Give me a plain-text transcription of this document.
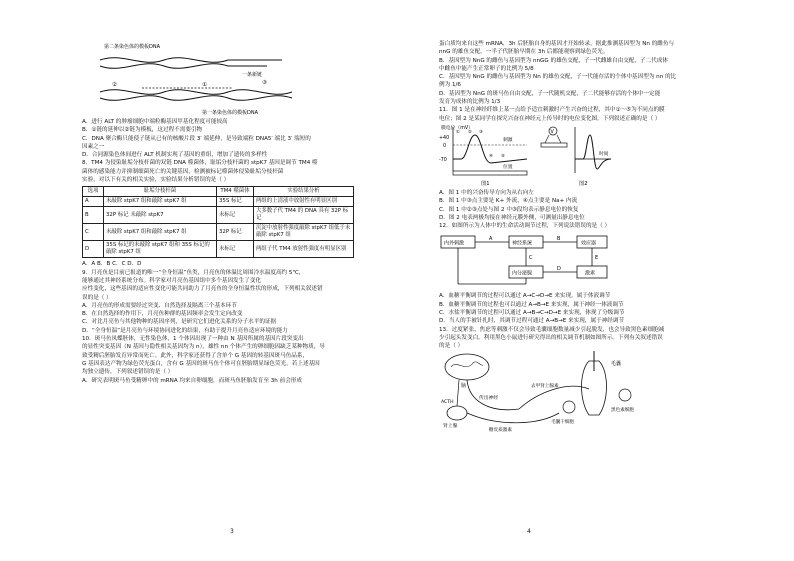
第二条染色体的模板DNA
一条新链
①
②	③
第一条染色体的模板DNA
A．进行 ALT 的肿瘤细胞中端粒酶基因甲基化程度可能较高
B．①链的延伸以②链为模板，这过程不需要引物
C．DNA 聚合酶只能使子链从已有的核酸片段 3′ 端延伸，是导致端粒 DNA5′ 端比 3′ 端短的
因素之一
D．合同源染色体间进行 ALT 机制实现了基因的重组，增加了遗传的多样性
8．TM4 为侵染耻垢分枝杆菌的双链 DNA 噬菌体，耻垢分枝杆菌的 stpK7 基因是调节 TM4 噬
菌体的感染能力并抑制细菌死亡的关键基因，检测被标记噬菌体侵染耻垢分枝杆菌
实验，对以下有关的相关实验，实验结果分析错误的是（ ）
选项	耻垢分枝杆菌	TM4 噬菌体	实验结果分析
A	未敲除 stpK7 组和敲除 stpK7 组	35S 标记	两组的上清液中放射性有明显区别
B	32P 标记 未敲除 stpK7	未标记	大多数子代 TM4 的 DNA 具有 32P 标记
C	未敲除 stpK7 组和敲除 stpK7 组	32P 标记	沉淀中放射性强度敲除 stpK7 组低于未敲除 stpK7 组
D	35S 标记的未敲除 stpK7 组和 35S 标记的敲除 stpK7 组	未标记	两组子代 TM4 放射性强度有明显区别
A．A B．B C．C D．D
9．月亮鱼是目前已报道的唯一“全身恒温”鱼类，月亮鱼的体温比周围冷水温度高约 5℃，
能够通过其神经系统分布。科学家对月亮鱼基因组中多个基因发生了变化
应性变化，这些基因的适应性变化可能共同助力了月亮鱼的全身恒温性状的形成，下列相关叙述错
误的是（ ）
A．月亮鱼的形成需要经过突变、自然选择及隔离三个基本环节
B．在自然选择的作用下，月亮鱼种群的基因频率会发生定向改变
C．对比月亮鱼与其他物种的基因序列，是研究它们进化关系的分子水平的证据
D．“全身恒温”是月亮鱼与环境协同进化的结果，有助于提升月亮鱼适应环境的能力
10．斑马鱼凤蝶胚体，无性染色体，1 个体因出现了一种由 N 基因所属的基因片段突变出
的显性突变基因（N 基因与隐性相关基因均为 n），雄性 nn 个体产生的卵细胞因缺乏某种物质，导
致受精后胚胎发育异常而死亡。此外，科学家还获得了含单个 G 基因的转基因斑马鱼品系，
G 基因表达产物为绿色荧光蛋白，含有 G 基因的斑马鱼个体可在胚胎期显绿色荧光。若上述基因
均独立遗传，下列叙述错误的是（ ）
A．研究表明斑马鱼受精卵中的 mRNA 均来自卵细胞，而斑马鱼胚胎发育至 3h 前会形成
3
蛋白质均来自这些 mRNA，3h 后胚胎自身的基因才开始转录，据此推测基因型为 Nn 的雌鱼与
nnG 的雄鱼交配，一半子代胚胎早期在 3h 后都能观察到绿色荧光。
B．基因型为 NnG 的雌鱼与基因型为 nnGG 的雄鱼交配，子一代雌雄自由交配，子二代成体
中雌鱼中能产生正常卵子的比例为 5/8
C．基因型为 NnG 的雌鱼与基因型为 Nn 的雄鱼交配，子一代能存活的个体中基因型为 nn 的比
例为 1/6
D．基因型为 NnG 的斑马鱼自由交配，子一代随机交配，子二代能够存活的个体中一定能
发育为成体的比例为 1/3
11．图 1 是在神经纤维上某一点给予适宜刺激时产生兴奋的过程，其中①～⑤为不同点的膜
电位；图 2 是某同学在探究兴奋在神经元上传导时的电位变化图。下列叙述正确的是（ ）
膜电位（mV）
+40
0
-70
① ② ③
④ ⑤
刺激
位置
图1
V
时间
图2
A．图 1 中的兴奋传导方向为从右向左
B．图 1 中③点主要是 K+ 外流，④点主要是 Na+ 内流
C．图 1 中②③点处与图 2 中③段均表示静息电位的恢复
D．图 2 电表两极均接在神经元膜外侧，可测量出静息电位
12．如图所示为人体中的生命活动调节过程，下列说法错误的是（ ）
内外刺激
A
神经系统
B
效应器
C
内分泌腺
D
激素
E
A．血糖平衡调节的过程可以通过 A→C→D→E 来实现，属于体液调节
B．血糖平衡调节的过程也可以通过 A→B→E 来实现，属于神经一体液调节
C．水盐平衡调节的过程可以通过 A→B→C→D→E 来实现，体现了分级调节
D．当人的手被针扎时，其调节过程可通过 A→B→E 来实现，属于神经调节
13．过度紧张、焦虑等刺激不仅会导致毛囊细胞数量减少引起脱发，也会导致黑色素细胞减
少引起头发变白。利用黑色小鼠进行研究得出的相关调节机制如图所示。下列有关叙述错误
的是（ ）
脑
传出神经
肾上腺
ACTH
糖皮质激素
去甲肾上腺素
毛囊
毛囊干细胞
黑色素细胞
4
